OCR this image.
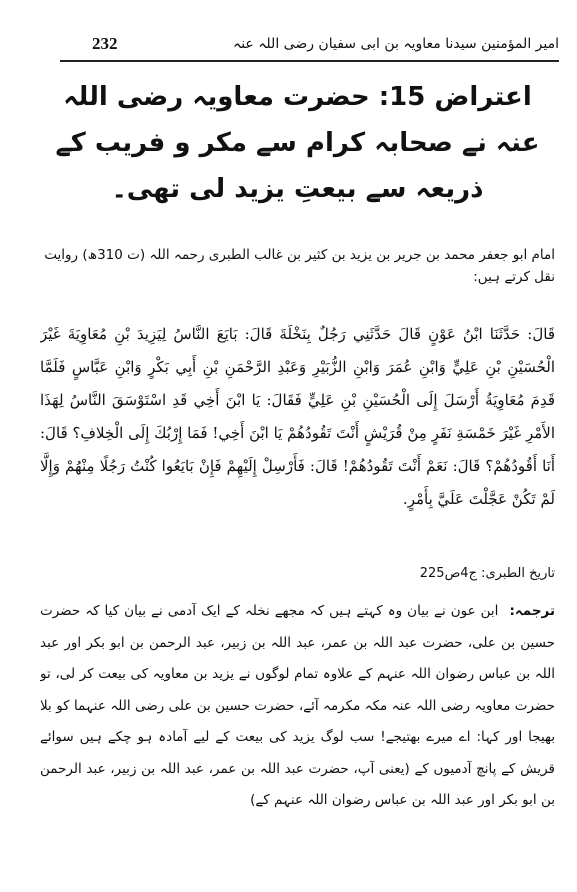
232	امیر المؤمنین سیدنا معاویہ بن ابی سفیان رضی اللہ عنہ
اعتراض 15: حضرت معاویہ رضی اللہ عنہ نے صحابہ کرام سے مکر و فریب کے ذریعہ سے بیعتِ یزید لی تھی۔
امام ابو جعفر محمد بن جریر بن یزید بن کثیر بن غالب الطبری رحمہ اللہ (ت 310ھ) روایت نقل کرتے ہیں:
قَالَ: حَدَّثَنَا ابْنُ عَوْنٍ قَالَ حَدَّثَنِي رَجُلٌ بِنَخْلَةَ قَالَ: بَايَعَ النَّاسُ لِيَزِيدَ بْنِ مُعَاوِيَةَ غَيْرَ الْحُسَيْنِ بْنِ عَلِيٍّ وَابْنِ عُمَرَ وَابْنِ الزُّبَيْرِ وَعَبْدِ الرَّحْمَنِ بْنِ أَبِي بَكْرٍ وَابْنِ عَبَّاسٍ فَلَمَّا قَدِمَ مُعَاوِيَةُ أَرْسَلَ إِلَى الْحُسَيْنِ بْنِ عَلِيٍّ فَقَالَ: يَا ابْنَ أَخِي قَدِ اسْتَوْسَقَ النَّاسُ لِهَذَا الأَمْرِ غَيْرَ خَمْسَةِ نَفَرٍ مِنْ قُرَيْشٍ أَنْتَ تَقُودُهُمْ يَا ابْنَ أَخِي! فَمَا إِرْبُكَ إِلَى الْخِلافِ؟ قَالَ: أَنَا أَقُودُهُمْ؟ قَالَ: نَعَمْ أَنْتَ تَقُودُهُمْ! قَالَ: فَأَرْسِلْ إِلَيْهِمْ فَإِنْ بَايَعُوا كُنْتُ رَجُلًا مِنْهُمْ وَإِلَّا لَمْ تَكُنْ عَجَّلْتَ عَلَيَّ بِأَمْرٍ.
تاریخ الطبری: ج4ص225
ترجمہ: ابن عون نے بیان وہ کہتے ہیں کہ مجھے نخلہ کے ایک آدمی نے بیان کیا کہ حضرت حسین بن علی، حضرت عبد اللہ بن عمر، عبد اللہ بن زبیر، عبد الرحمن بن ابو بکر اور عبد اللہ بن عباس رضوان اللہ عنہم کے علاوہ تمام لوگوں نے یزید بن معاویہ کی بیعت کر لی، تو حضرت معاویہ رضی اللہ عنہ مکہ مکرمہ آئے، حضرت حسین بن علی رضی اللہ عنہما کو بلا بھیجا اور کہا: اے میرے بھتیجے! سب لوگ یزید کی بیعت کے لیے آمادہ ہو چکے ہیں سوائے قریش کے پانچ آدمیوں کے (یعنی آپ، حضرت عبد اللہ بن عمر، عبد اللہ بن زبیر، عبد الرحمن بن ابو بکر اور عبد اللہ بن عباس رضوان اللہ عنہم کے)
